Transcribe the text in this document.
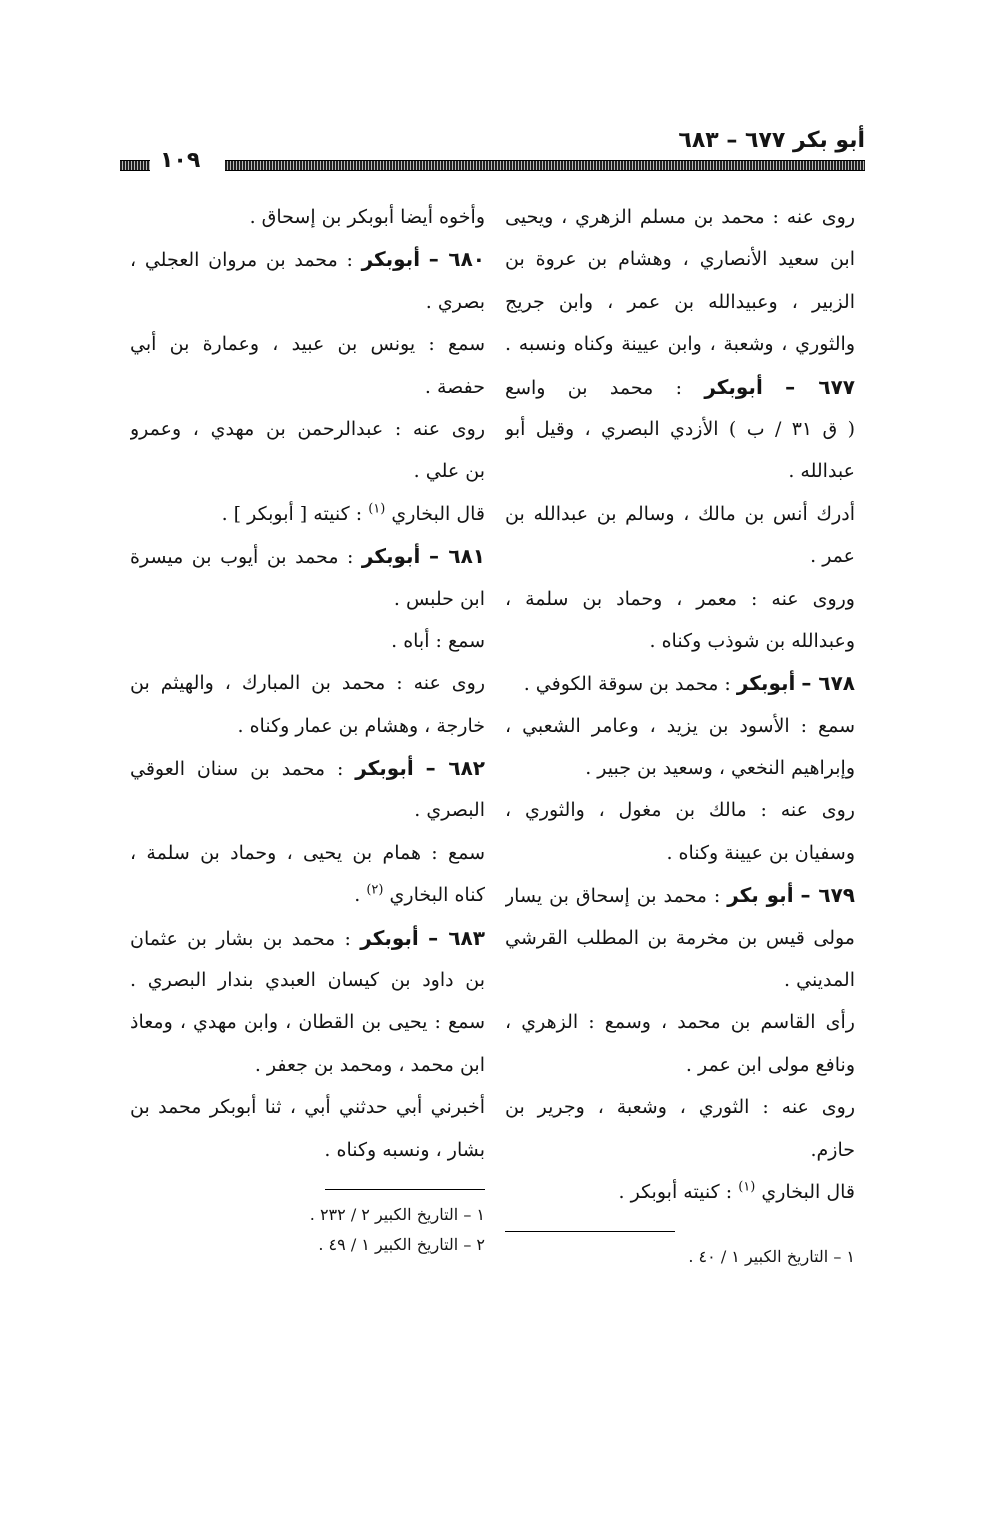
أبو بكر ٦٧٧ – ٦٨٣
١٠٩
روى عنه : محمد بن مسلم الزهري ، ويحيى
ابن سعيد الأنصاري ، وهشام بن عروة بن
الزبير ، وعبيدالله بن عمر ، وابن جريج
والثوري ، وشعبة ، وابن عيينة وكناه ونسبه .
٦٧٧ – أبوبكر : محمد بن واسع
( ق ٣١ / ب ) الأزدي البصري ، وقيل أبو
عبدالله .
أدرك أنس بن مالك ، وسالم بن عبدالله بن
عمر .
وروى عنه : معمر ، وحماد بن سلمة ،
وعبدالله بن شوذب وكناه .
٦٧٨ – أبوبكر : محمد بن سوقة الكوفي .
سمع : الأسود بن يزيد ، وعامر الشعبي ،
وإبراهيم النخعي ، وسعيد بن جبير .
روى عنه : مالك بن مغول ، والثوري ،
وسفيان بن عيينة وكناه .
٦٧٩ – أبو بكر : محمد بن إسحاق بن يسار
مولى قيس بن مخرمة بن المطلب القرشي
المديني .
رأى القاسم بن محمد ، وسمع : الزهري ،
ونافع مولى ابن عمر .
روى عنه : الثوري ، وشعبة ، وجرير بن
حازم.
قال البخاري $^{(١)}$ : كنيته أبوبكر .
١ – التاريخ الكبير ١ / ٤٠ .
وأخوه أيضا أبوبكر بن إسحاق .
٦٨٠ – أبوبكر : محمد بن مروان العجلي ،
بصري .
سمع : يونس بن عبيد ، وعمارة بن أبي
حفصة .
روى عنه : عبدالرحمن بن مهدي ، وعمرو
بن علي .
قال البخاري $^{(١)}$ : كنيته [ أبوبكر ] .
٦٨١ – أبوبكر : محمد بن أيوب بن ميسرة
ابن حلبس .
سمع : أباه .
روى عنه : محمد بن المبارك ، والهيثم بن
خارجة ، وهشام بن عمار وكناه .
٦٨٢ – أبوبكر : محمد بن سنان العوقي
البصري .
سمع : همام بن يحيى ، وحماد بن سلمة ،
كناه البخاري $^{(٢)}$ .
٦٨٣ – أبوبكر : محمد بن بشار بن عثمان
بن داود بن كيسان العبدي بندار البصري .
سمع : يحيى بن القطان ، وابن مهدي ، ومعاذ
ابن محمد ، ومحمد بن جعفر .
أخبرني أبي حدثني أبي ، ثنا أبوبكر محمد بن
بشار ، ونسبه وكناه .
١ – التاريخ الكبير ٢ / ٢٣٢ .
٢ – التاريخ الكبير ١ / ٤٩ .
